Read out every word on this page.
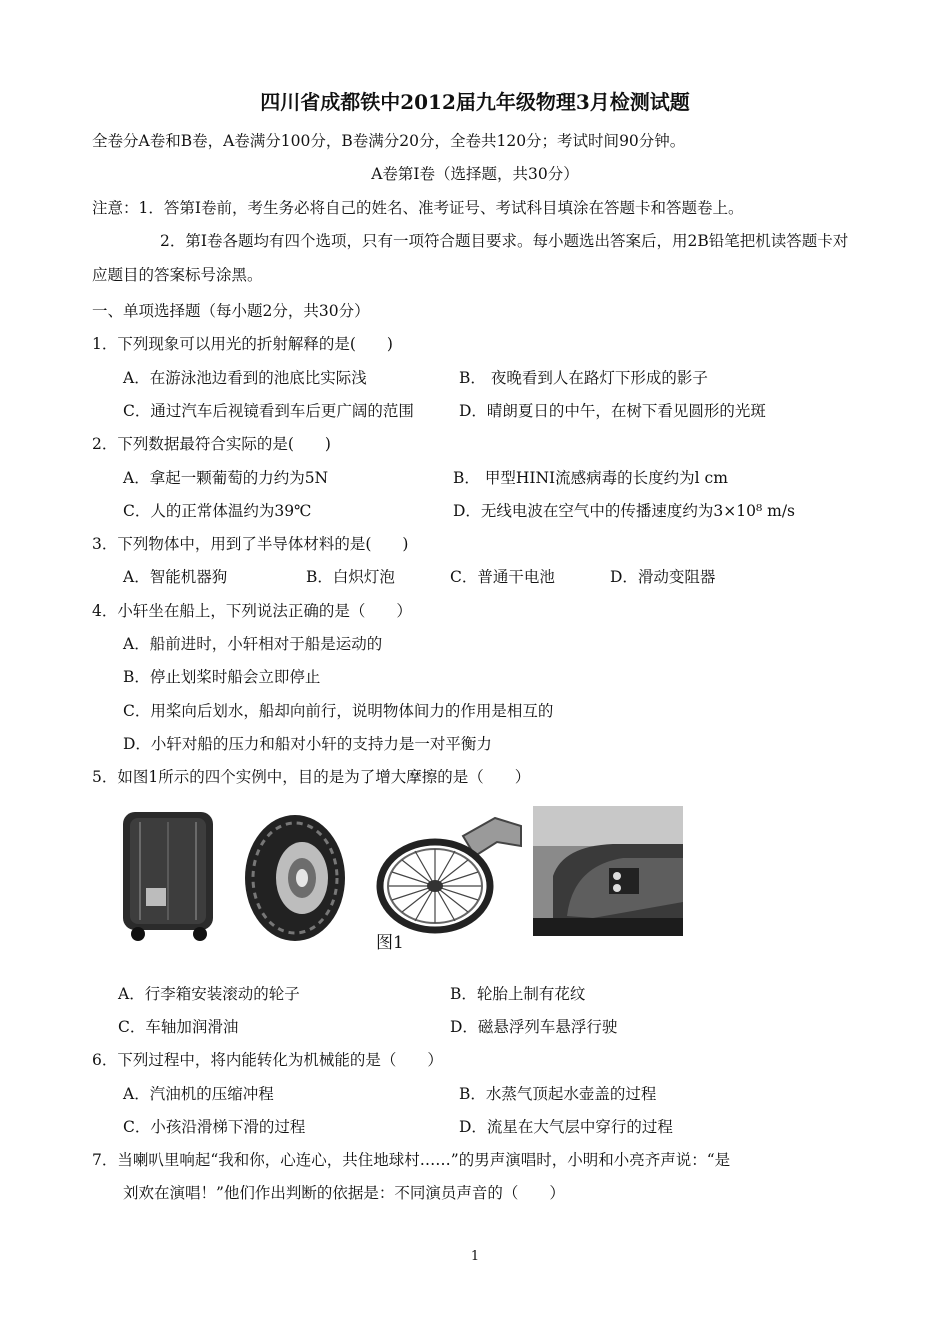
四川省成都铁中2012届九年级物理3月检测试题
全卷分A卷和B卷，A卷满分100分，B卷满分20分，全卷共120分；考试时间90分钟。
A卷第I卷（选择题，共30分）
注意：1．答第I卷前，考生务必将自己的姓名、准考证号、考试科目填涂在答题卡和答题卷上。
2．第I卷各题均有四个选项，只有一项符合题目要求。每小题选出答案后，用2B铅笔把机读答题卡对
应题目的答案标号涂黑。
一、单项选择题（每小题2分，共30分）
1．下列现象可以用光的折射解释的是(　　)
A．在游泳池边看到的池底比实际浅	B． 夜晚看到人在路灯下形成的影子
C．通过汽车后视镜看到车后更广阔的范围	D．晴朗夏日的中午，在树下看见圆形的光斑
2．下列数据最符合实际的是(　　)
A．拿起一颗葡萄的力约为5N	B． 甲型HINI流感病毒的长度约为l cm
C．人的正常体温约为39℃	D．无线电波在空气中的传播速度约为3×10⁸ m/s
3．下列物体中，用到了半导体材料的是(　　)
A．智能机器狗	B．白炽灯泡	C．普通干电池	D．滑动变阻器
4．小轩坐在船上，下列说法正确的是（　　）
A．船前进时，小轩相对于船是运动的
B．停止划桨时船会立即停止
C．用桨向后划水，船却向前行，说明物体间力的作用是相互的
D．小轩对船的压力和船对小轩的支持力是一对平衡力
5．如图1所示的四个实例中，目的是为了增大摩擦的是（　　）
图1
A．行李箱安装滚动的轮子	B．轮胎上制有花纹
C．车轴加润滑油	D．磁悬浮列车悬浮行驶
6．下列过程中，将内能转化为机械能的是（　　）
A．汽油机的压缩冲程	B．水蒸气顶起水壶盖的过程
C．小孩沿滑梯下滑的过程	D．流星在大气层中穿行的过程
7．当喇叭里响起“我和你，心连心，共住地球村……”的男声演唱时，小明和小亮齐声说：“是
刘欢在演唱！”他们作出判断的依据是：不同演员声音的（　　）
1
